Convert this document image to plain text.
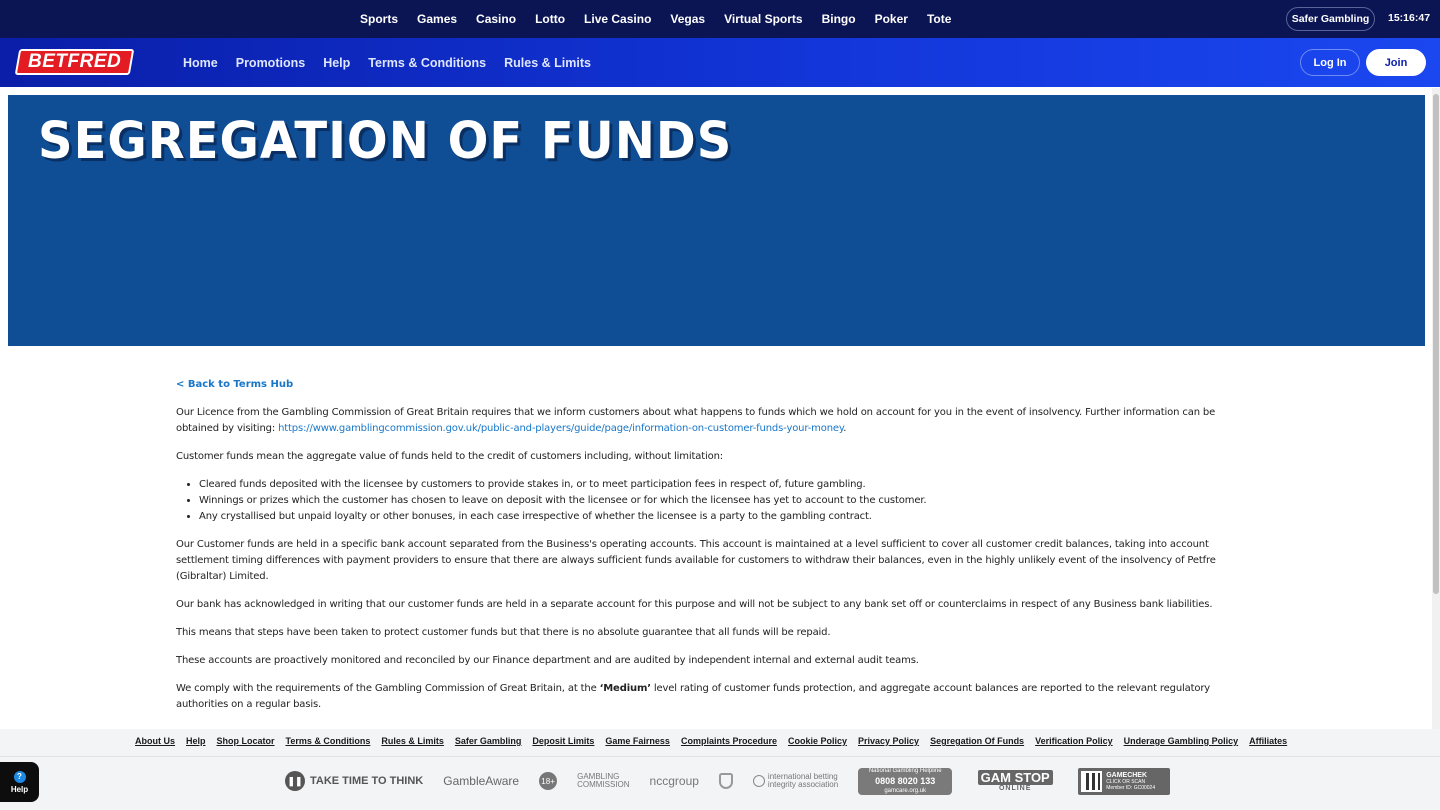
Sports Games Casino Lotto Live Casino Vegas Virtual Sports Bingo Poker Tote	Safer Gambling	15:16:47
BETFRED	Home Promotions Help Terms & Conditions Rules & Limits	Log In	Join
SEGREGATION OF FUNDS
< Back to Terms Hub

Our Licence from the Gambling Commission of Great Britain requires that we inform customers about what happens to funds which we hold on account for you in the event of insolvency. Further information can be obtained by visiting: https://www.gamblingcommission.gov.uk/public-and-players/guide/page/information-on-customer-funds-your-money.

Customer funds mean the aggregate value of funds held to the credit of customers including, without limitation:

• Cleared funds deposited with the licensee by customers to provide stakes in, or to meet participation fees in respect of, future gambling.
• Winnings or prizes which the customer has chosen to leave on deposit with the licensee or for which the licensee has yet to account to the customer.
• Any crystallised but unpaid loyalty or other bonuses, in each case irrespective of whether the licensee is a party to the gambling contract.

Our Customer funds are held in a specific bank account separated from the Business's operating accounts. This account is maintained at a level sufficient to cover all customer credit balances, taking into account settlement timing differences with payment providers to ensure that there are always sufficient funds available for customers to withdraw their balances, even in the highly unlikely event of the insolvency of Petfre (Gibraltar) Limited.

Our bank has acknowledged in writing that our customer funds are held in a separate account for this purpose and will not be subject to any bank set off or counterclaims in respect of any Business bank liabilities.

This means that steps have been taken to protect customer funds but that there is no absolute guarantee that all funds will be repaid.

These accounts are proactively monitored and reconciled by our Finance department and are audited by independent internal and external audit teams.

We comply with the requirements of the Gambling Commission of Great Britain, at the ‘Medium’ level rating of customer funds protection, and aggregate account balances are reported to the relevant regulatory authorities on a regular basis.

About Us Help Shop Locator Terms & Conditions Rules & Limits Safer Gambling Deposit Limits Game Fairness Complaints Procedure Cookie Policy Privacy Policy Segregation Of Funds Verification Policy Underage Gambling Policy Affiliates
❚❚ TAKE TIME TO THINK GambleAware	18+	GAMBLING
COMMISSION nccgroup	international betting
integrity association
National Gambling Helpline
0808 8020 133
gamcare.org.uk
GAM STOP
ONLINE
GAMECHEK
CLICK OR SCAN
Member ID: GC00024
?
Help
